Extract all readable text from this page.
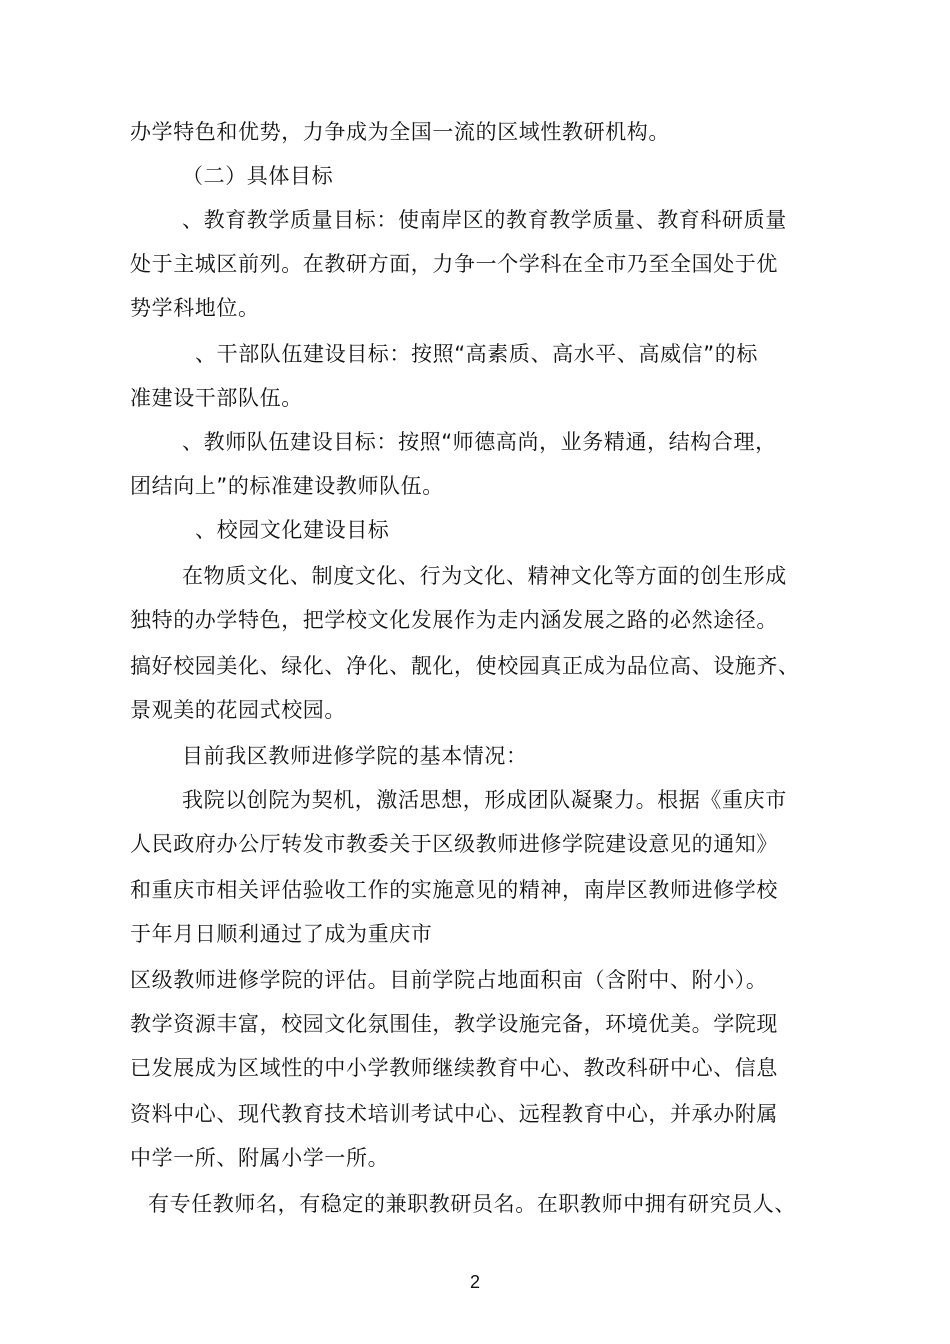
办学特色和优势，力争成为全国一流的区域性教研机构。
（二）具体目标
、教育教学质量目标：使南岸区的教育教学质量、教育科研质量
处于主城区前列。在教研方面，力争一个学科在全市乃至全国处于优
势学科地位。
、干部队伍建设目标：按照“高素质、高水平、高威信”的标
准建设干部队伍。
、教师队伍建设目标：按照“师德高尚，业务精通，结构合理，
团结向上”的标准建设教师队伍。
、校园文化建设目标
在物质文化、制度文化、行为文化、精神文化等方面的创生形成
独特的办学特色，把学校文化发展作为走内涵发展之路的必然途径。
搞好校园美化、绿化、净化、靓化，使校园真正成为品位高、设施齐、
景观美的花园式校园。
目前我区教师进修学院的基本情况：
我院以创院为契机，激活思想，形成团队凝聚力。根据《重庆市
人民政府办公厅转发市教委关于区级教师进修学院建设意见的通知》
和重庆市相关评估验收工作的实施意见的精神，南岸区教师进修学校
于年月日顺利通过了成为重庆市
区级教师进修学院的评估。目前学院占地面积亩（含附中、附小）。
教学资源丰富，校园文化氛围佳，教学设施完备，环境优美。学院现
已发展成为区域性的中小学教师继续教育中心、教改科研中心、信息
资料中心、现代教育技术培训考试中心、远程教育中心，并承办附属
中学一所、附属小学一所。
有专任教师名，有稳定的兼职教研员名。在职教师中拥有研究员人、
2
